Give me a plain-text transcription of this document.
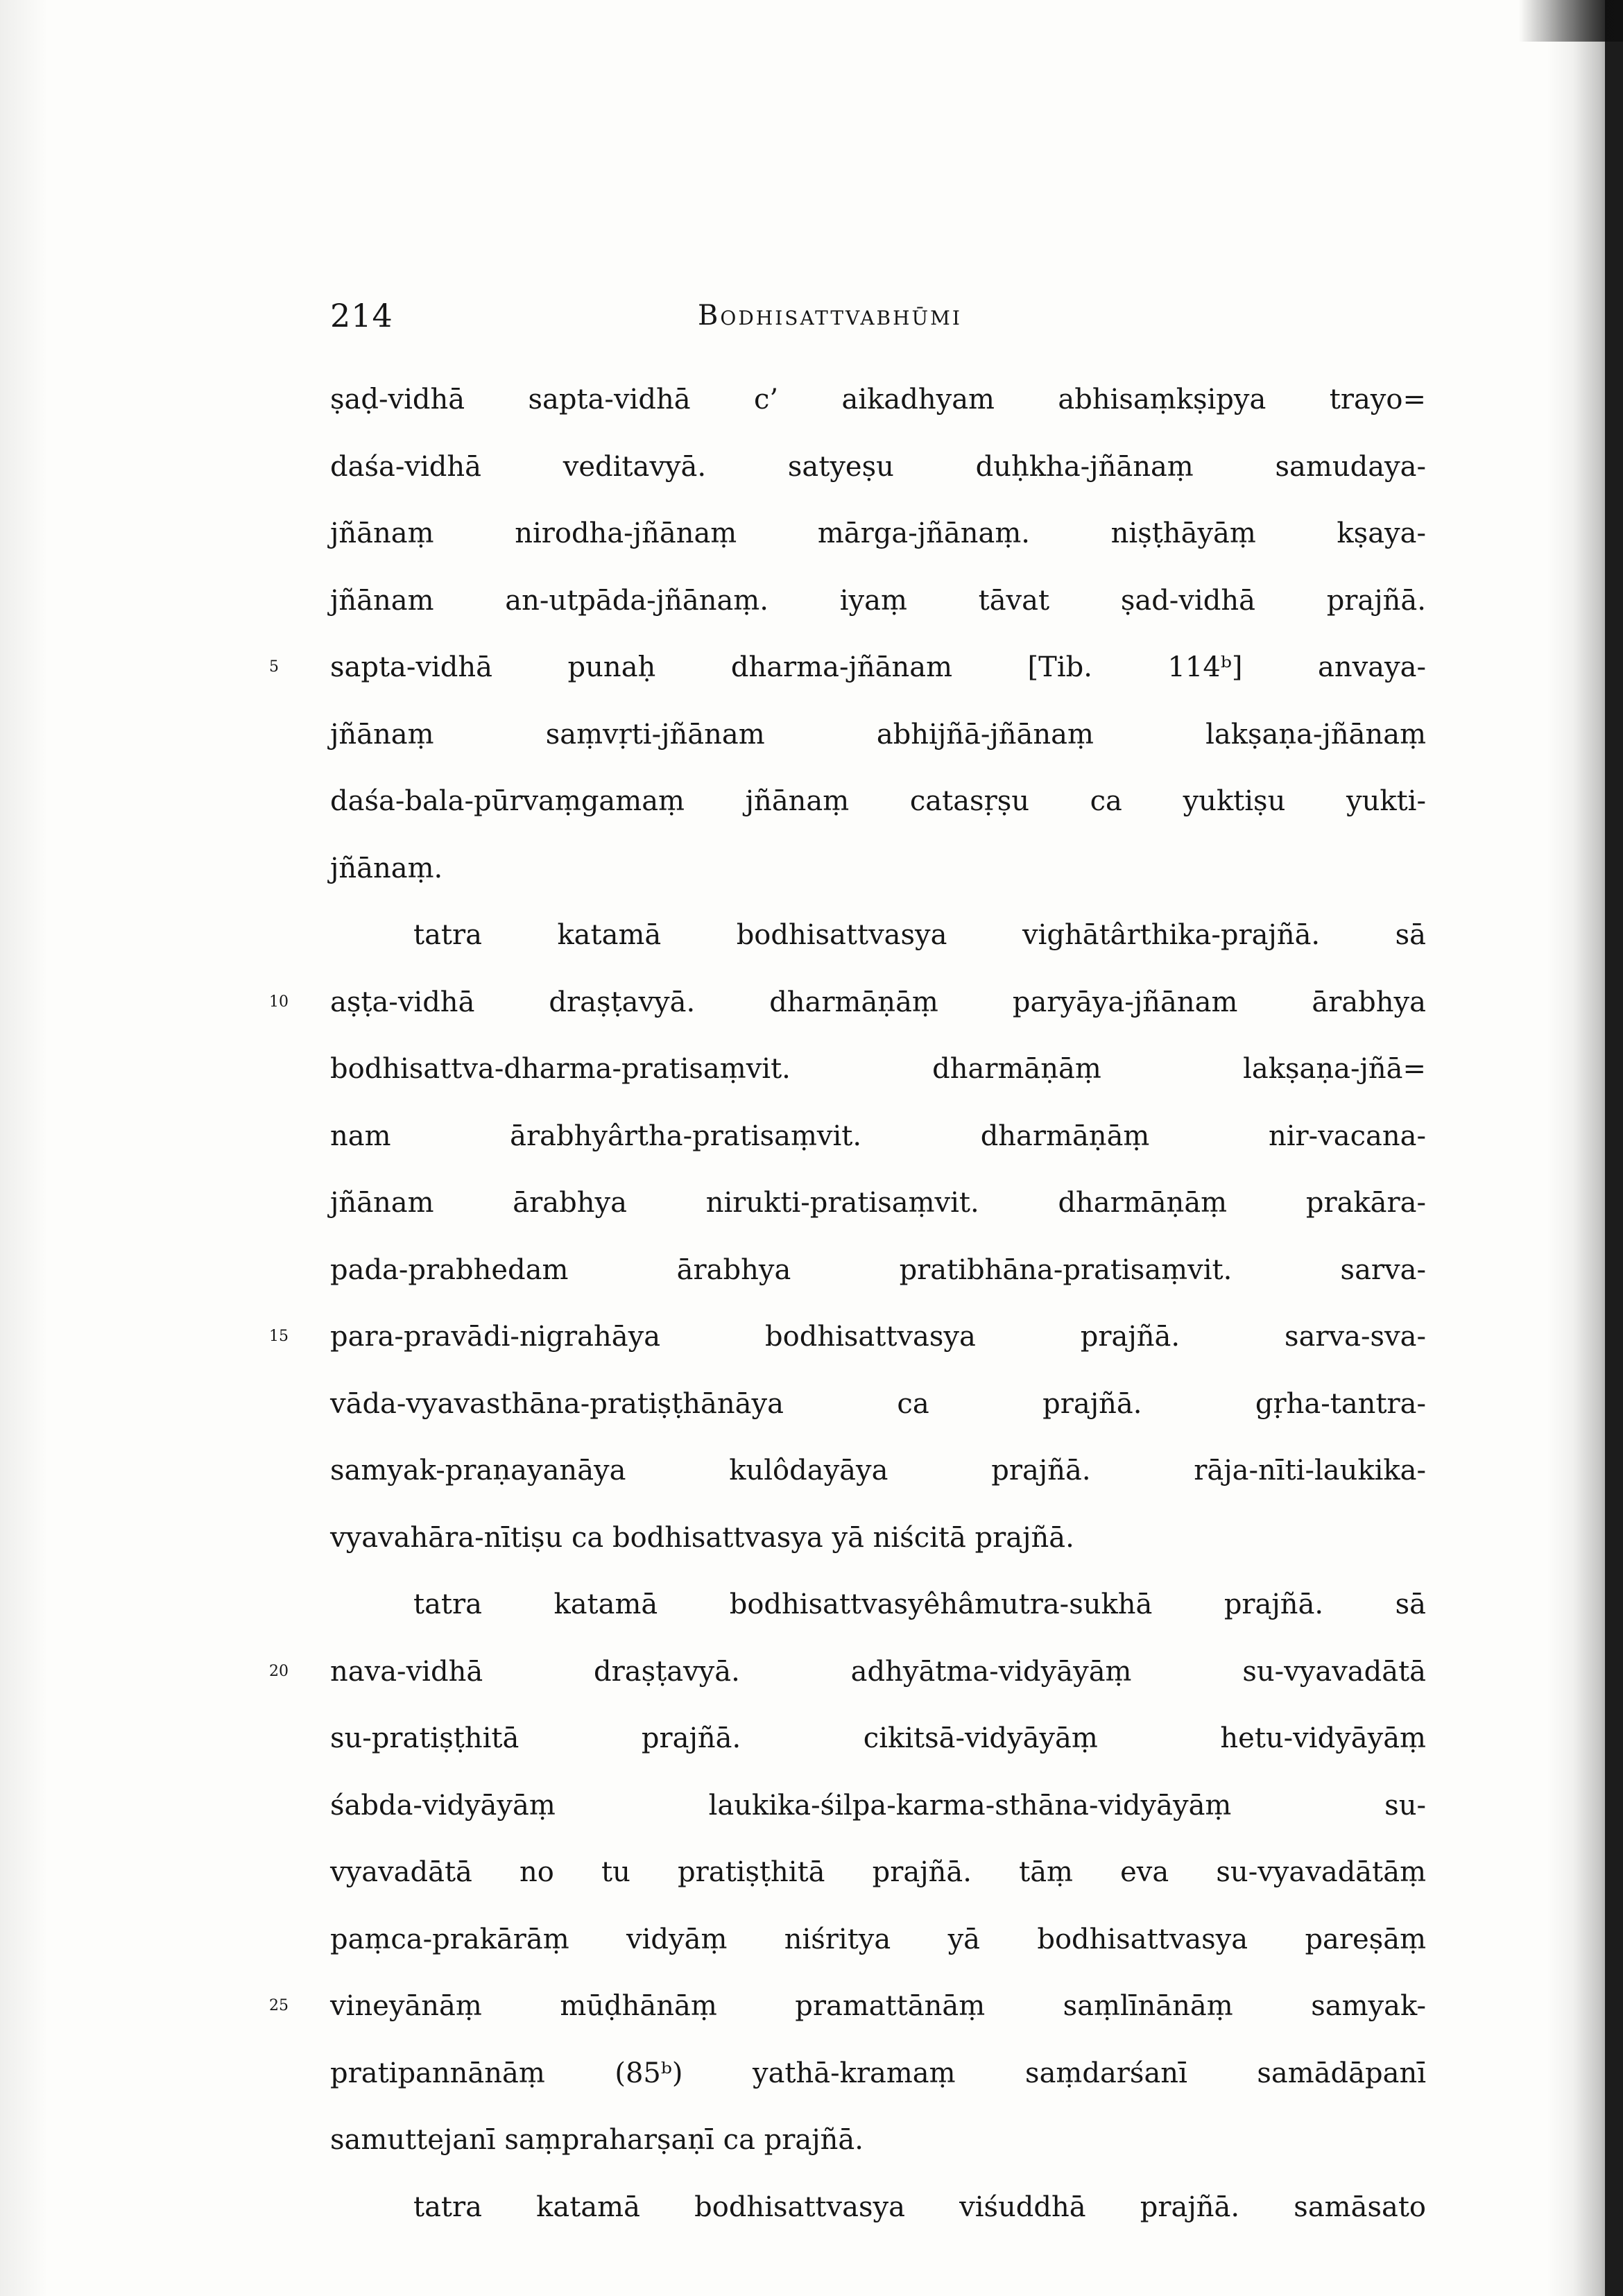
214	Bodhisattvabhūmi
ṣaḍ-vidhā sapta-vidhā c’ aikadhyam abhisaṃkṣipya trayo=
daśa-vidhā veditavyā. satyeṣu duḥkha-jñānaṃ samudaya-
jñānaṃ nirodha-jñānaṃ mārga-jñānaṃ. niṣṭhāyāṃ kṣaya-
jñānam an-utpāda-jñānaṃ. iyaṃ tāvat ṣad-vidhā prajñā.
5	sapta-vidhā punaḥ dharma-jñānam [Tib. 114ᵇ] anvaya-
jñānaṃ saṃvṛti-jñānam abhijñā-jñānaṃ lakṣaṇa-jñānaṃ
daśa-bala-pūrvaṃgamaṃ jñānaṃ catasṛṣu ca yuktiṣu yukti-
jñānaṃ.
tatra katamā bodhisattvasya vighātârthika-prajñā. sā
10	aṣṭa-vidhā draṣṭavyā. dharmāṇāṃ paryāya-jñānam ārabhya
bodhisattva-dharma-pratisaṃvit. dharmāṇāṃ lakṣaṇa-jñā=
nam ārabhyârtha-pratisaṃvit. dharmāṇāṃ nir-vacana-
jñānam ārabhya nirukti-pratisaṃvit. dharmāṇāṃ prakāra-
pada-prabhedam ārabhya pratibhāna-pratisaṃvit. sarva-
15	para-pravādi-nigrahāya bodhisattvasya prajñā. sarva-sva-
vāda-vyavasthāna-pratiṣṭhānāya ca prajñā. gṛha-tantra-
samyak-praṇayanāya kulôdayāya prajñā. rāja-nīti-laukika-
vyavahāra-nītiṣu ca bodhisattvasya yā niścitā prajñā.
tatra katamā bodhisattvasyêhâmutra-sukhā prajñā. sā
20	nava-vidhā draṣṭavyā. adhyātma-vidyāyāṃ su-vyavadātā
su-pratiṣṭhitā prajñā. cikitsā-vidyāyāṃ hetu-vidyāyāṃ
śabda-vidyāyāṃ laukika-śilpa-karma-sthāna-vidyāyāṃ su-
vyavadātā no tu pratiṣṭhitā prajñā. tāṃ eva su-vyavadātāṃ
paṃca-prakārāṃ vidyāṃ niśritya yā bodhisattvasya pareṣāṃ
25	vineyānāṃ mūḍhānāṃ pramattānāṃ saṃlīnānāṃ samyak-
pratipannānāṃ (85ᵇ) yathā-kramaṃ saṃdarśanī samādāpanī
samuttejanī saṃpraharṣaṇī ca prajñā.
tatra katamā bodhisattvasya viśuddhā prajñā. samāsato
